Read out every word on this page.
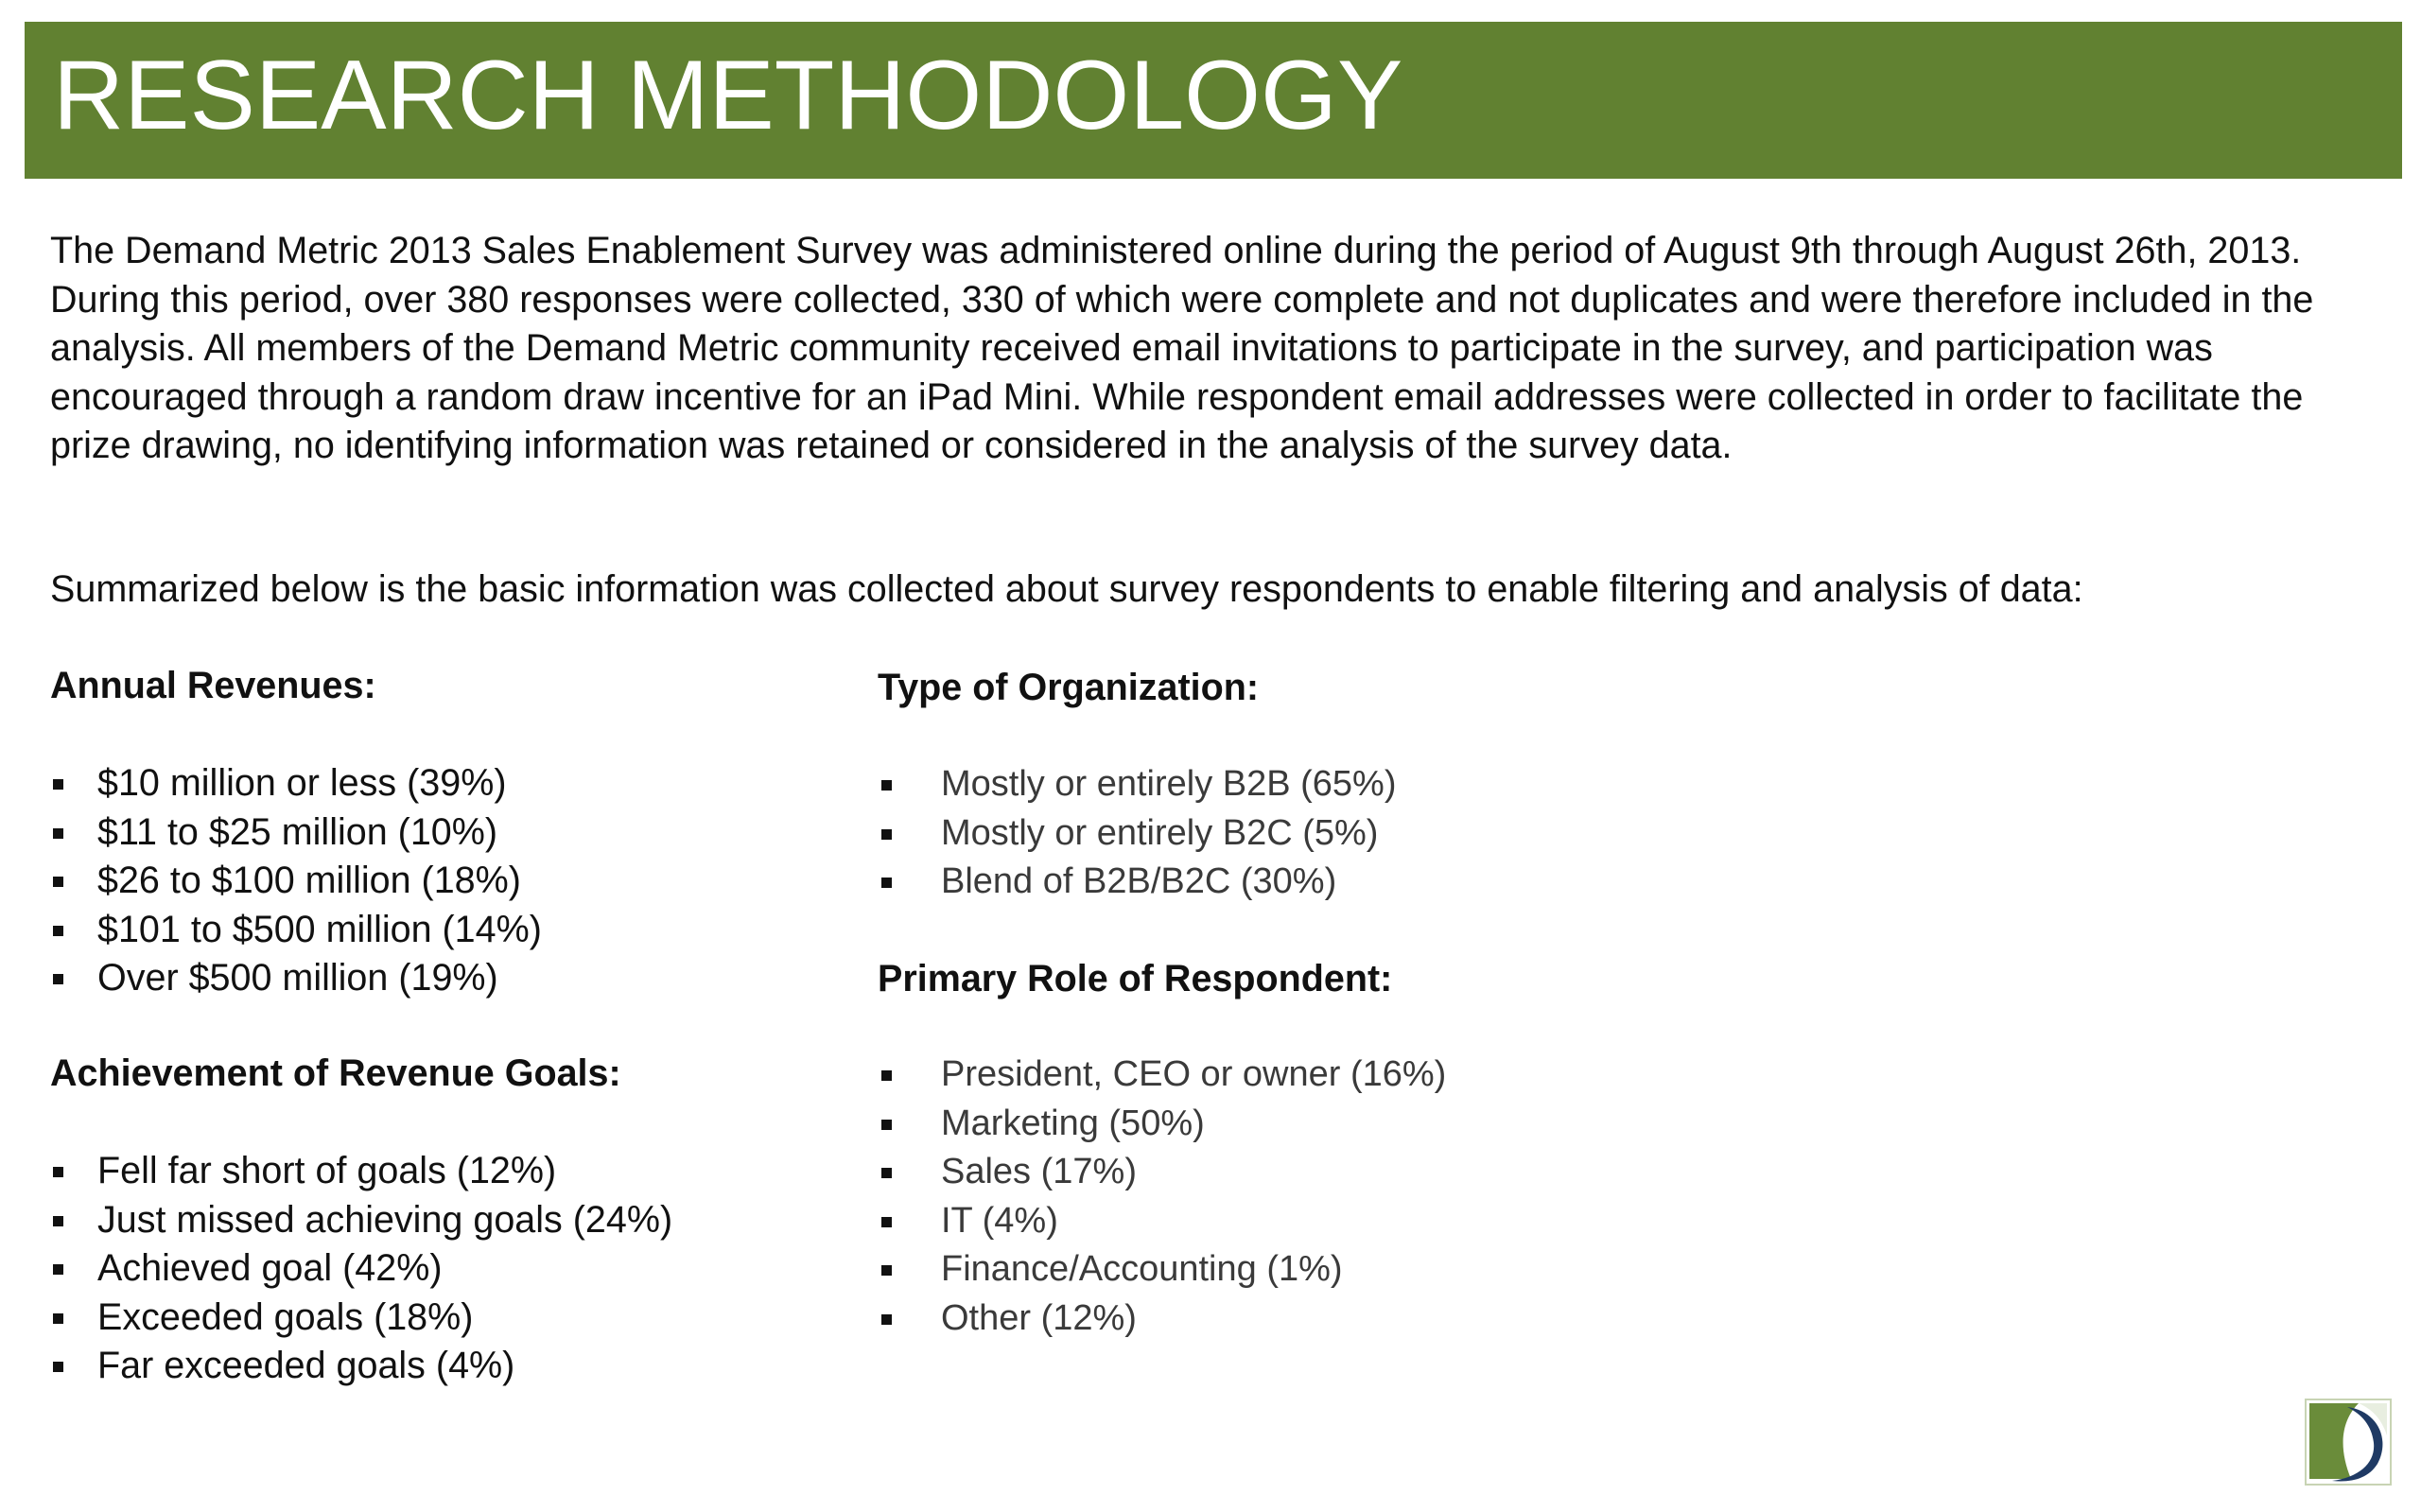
RESEARCH METHODOLOGY

The Demand Metric 2013 Sales Enablement Survey was administered online during the period of August 9th through August 26th, 2013. During this period, over 380 responses were collected, 330 of which were complete and not duplicates and were therefore included in the analysis. All members of the Demand Metric community received email invitations to participate in the survey, and participation was encouraged through a random draw incentive for an iPad Mini. While respondent email addresses were collected in order to facilitate the prize drawing, no identifying information was retained or considered in the analysis of the survey data.

Summarized below is the basic information was collected about survey respondents to enable filtering and analysis of data:

Annual Revenues:
$10 million or less (39%)
$11 to $25 million (10%)
$26 to $100 million (18%)
$101 to $500 million (14%)
Over $500 million (19%)
Achievement of Revenue Goals:
Fell far short of goals (12%)
Just missed achieving goals (24%)
Achieved goal (42%)
Exceeded goals (18%)
Far exceeded goals (4%)
Type of Organization:
Mostly or entirely B2B (65%)
Mostly or entirely B2C (5%)
Blend of B2B/B2C (30%)
Primary Role of Respondent:
President, CEO or owner (16%)
Marketing (50%)
Sales (17%)
IT (4%)
Finance/Accounting (1%)
Other (12%)
